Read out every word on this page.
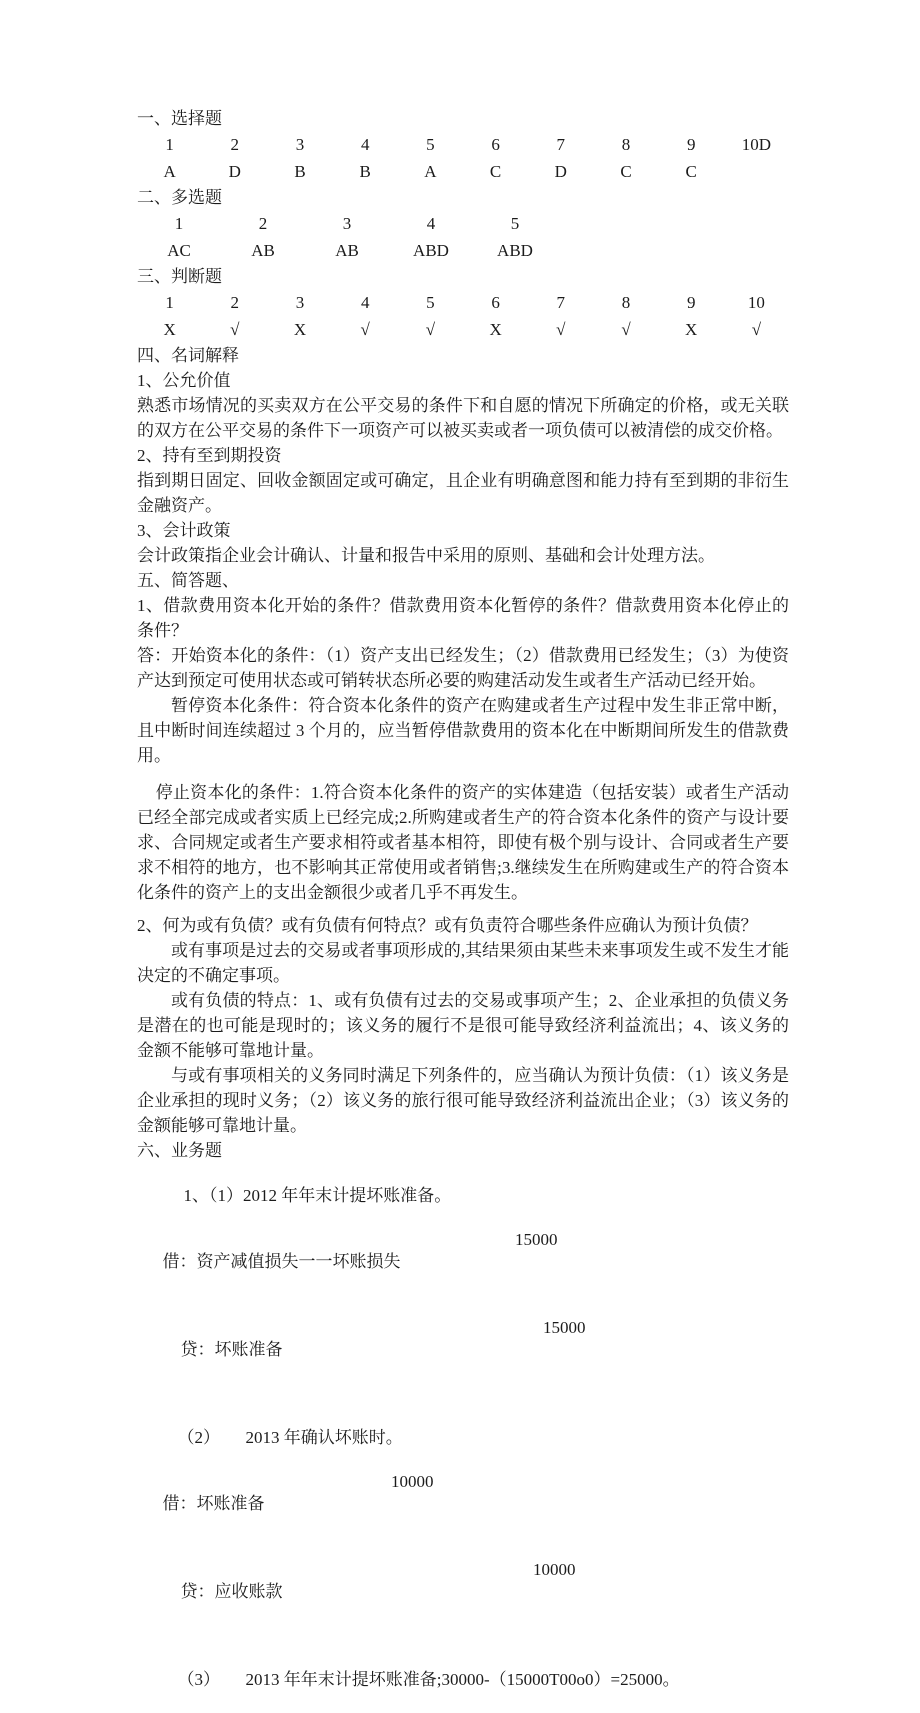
一、选择题

1	2	3	4	5	6	7	8	9	10D
A	D	B	B	A	C	D	C	C

二、多选题

1	2	3	4	5
AC	AB	AB	ABD	ABD

三、判断题

1	2	3	4	5	6	7	8	9	10
X	√	X	√	√	X	√	√	X	√

四、名词解释

1、公允价值

熟悉市场情况的买卖双方在公平交易的条件下和自愿的情况下所确定的价格，或无关联的双方在公平交易的条件下一项资产可以被买卖或者一项负债可以被清偿的成交价格。

2、持有至到期投资

指到期日固定、回收金额固定或可确定，且企业有明确意图和能力持有至到期的非衍生金融资产。

3、会计政策

会计政策指企业会计确认、计量和报告中采用的原则、基础和会计处理方法。

五、简答题、

1、借款费用资本化开始的条件？借款费用资本化暂停的条件？借款费用资本化停止的条件？

答：开始资本化的条件：（1）资产支出已经发生；（2）借款费用已经发生；（3）为使资产达到预定可使用状态或可销转状态所必要的购建活动发生或者生产活动已经开始。

暂停资本化条件：符合资本化条件的资产在购建或者生产过程中发生非正常中断，且中断时间连续超过 3 个月的，应当暂停借款费用的资本化在中断期间所发生的借款费用。

停止资本化的条件：1.符合资本化条件的资产的实体建造（包括安装）或者生产活动已经全部完成或者实质上已经完成;2.所购建或者生产的符合资本化条件的资产与设计要求、合同规定或者生产要求相符或者基本相符，即使有极个别与设计、合同或者生产要求不相符的地方，也不影响其正常使用或者销售;3.继续发生在所购建或生产的符合资本化条件的资产上的支出金额很少或者几乎不再发生。

2、何为或有负债？或有负债有何特点？或有负责符合哪些条件应确认为预计负债？

或有事项是过去的交易或者事项形成的,其结果须由某些未来事项发生或不发生才能决定的不确定事项。

或有负债的特点：1、或有负债有过去的交易或事项产生；2、企业承担的负债义务是潜在的也可能是现时的；该义务的履行不是很可能导致经济利益流出；4、该义务的金额不能够可靠地计量。

与或有事项相关的义务同时满足下列条件的，应当确认为预计负债：（1）该义务是企业承担的现时义务；（2）该义务的旅行很可能导致经济利益流出企业；（3）该义务的金额能够可靠地计量。

六、业务题

1、（1）2012 年年末计提坏账准备。

借：资产减值损失一一坏账损失

15000

贷：坏账准备

15000

（2）　　2013 年确认坏账时。

借：坏账准备

10000

贷：应收账款

10000

（3）　　2013 年年末计提坏账准备;30000-（15000T00o0）=25000。
